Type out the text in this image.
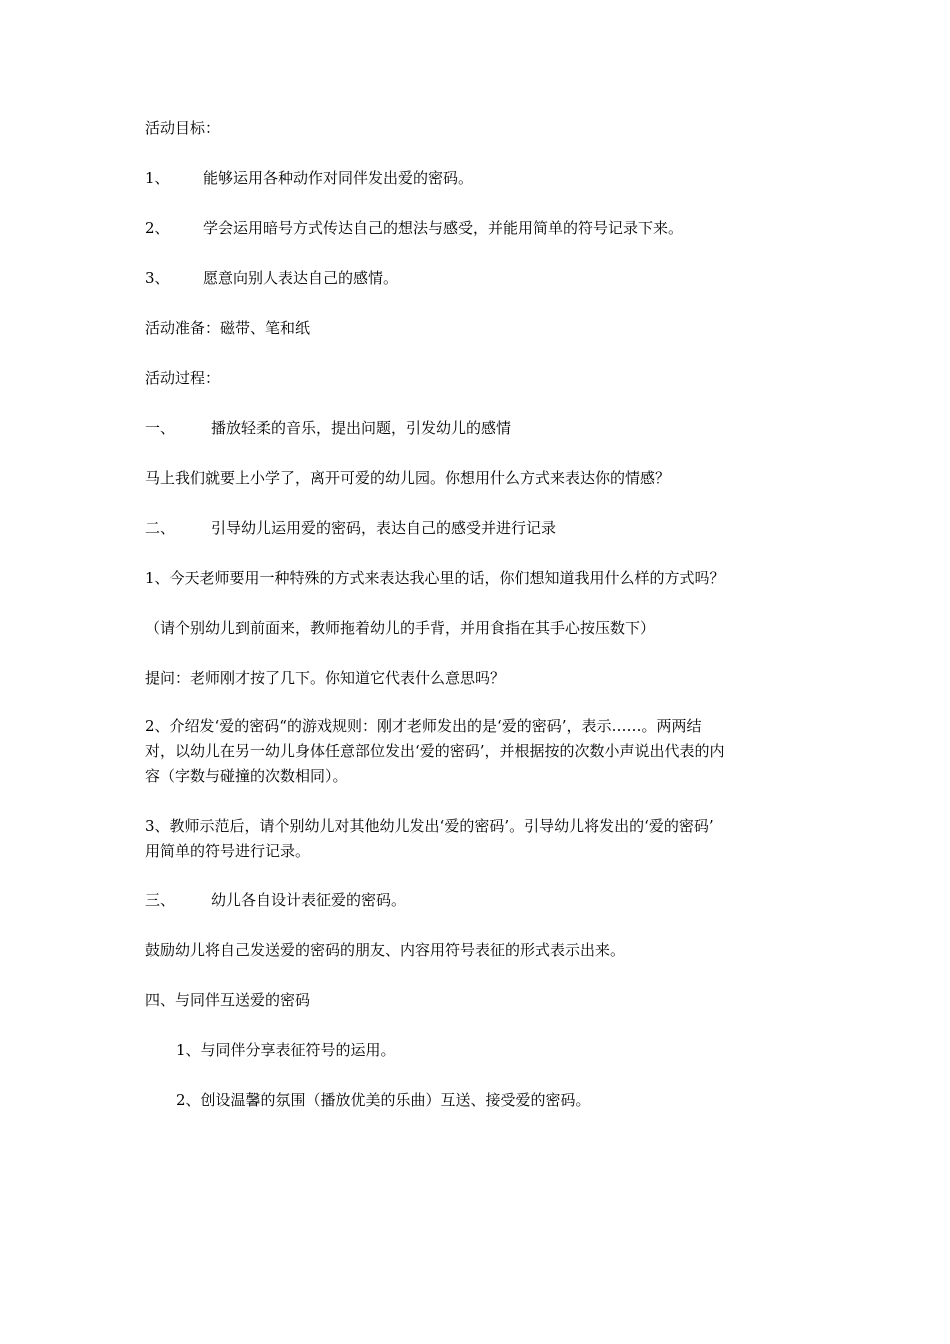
活动目标：
1、 能够运用各种动作对同伴发出爱的密码。
2、 学会运用暗号方式传达自己的想法与感受，并能用简单的符号记录下来。
3、 愿意向别人表达自己的感情。
活动准备：磁带、笔和纸
活动过程：
一、 播放轻柔的音乐，提出问题，引发幼儿的感情
马上我们就要上小学了，离开可爱的幼儿园。你想用什么方式来表达你的情感？
二、 引导幼儿运用爱的密码，表达自己的感受并进行记录
1、今天老师要用一种特殊的方式来表达我心里的话，你们想知道我用什么样的方式吗？
（请个别幼儿到前面来，教师拖着幼儿的手背，并用食指在其手心按压数下）
提问：老师刚才按了几下。你知道它代表什么意思吗？
2、介绍发‘爱的密码“的游戏规则：刚才老师发出的是‘爱的密码’，表示……。两两结
对，以幼儿在另一幼儿身体任意部位发出‘爱的密码’，并根据按的次数小声说出代表的内
容（字数与碰撞的次数相同）。
3、教师示范后，请个别幼儿对其他幼儿发出‘爱的密码’。引导幼儿将发出的‘爱的密码’
用简单的符号进行记录。
三、 幼儿各自设计表征爱的密码。
鼓励幼儿将自己发送爱的密码的朋友、内容用符号表征的形式表示出来。
四、与同伴互送爱的密码
1、与同伴分享表征符号的运用。
2、创设温馨的氛围（播放优美的乐曲）互送、接受爱的密码。
